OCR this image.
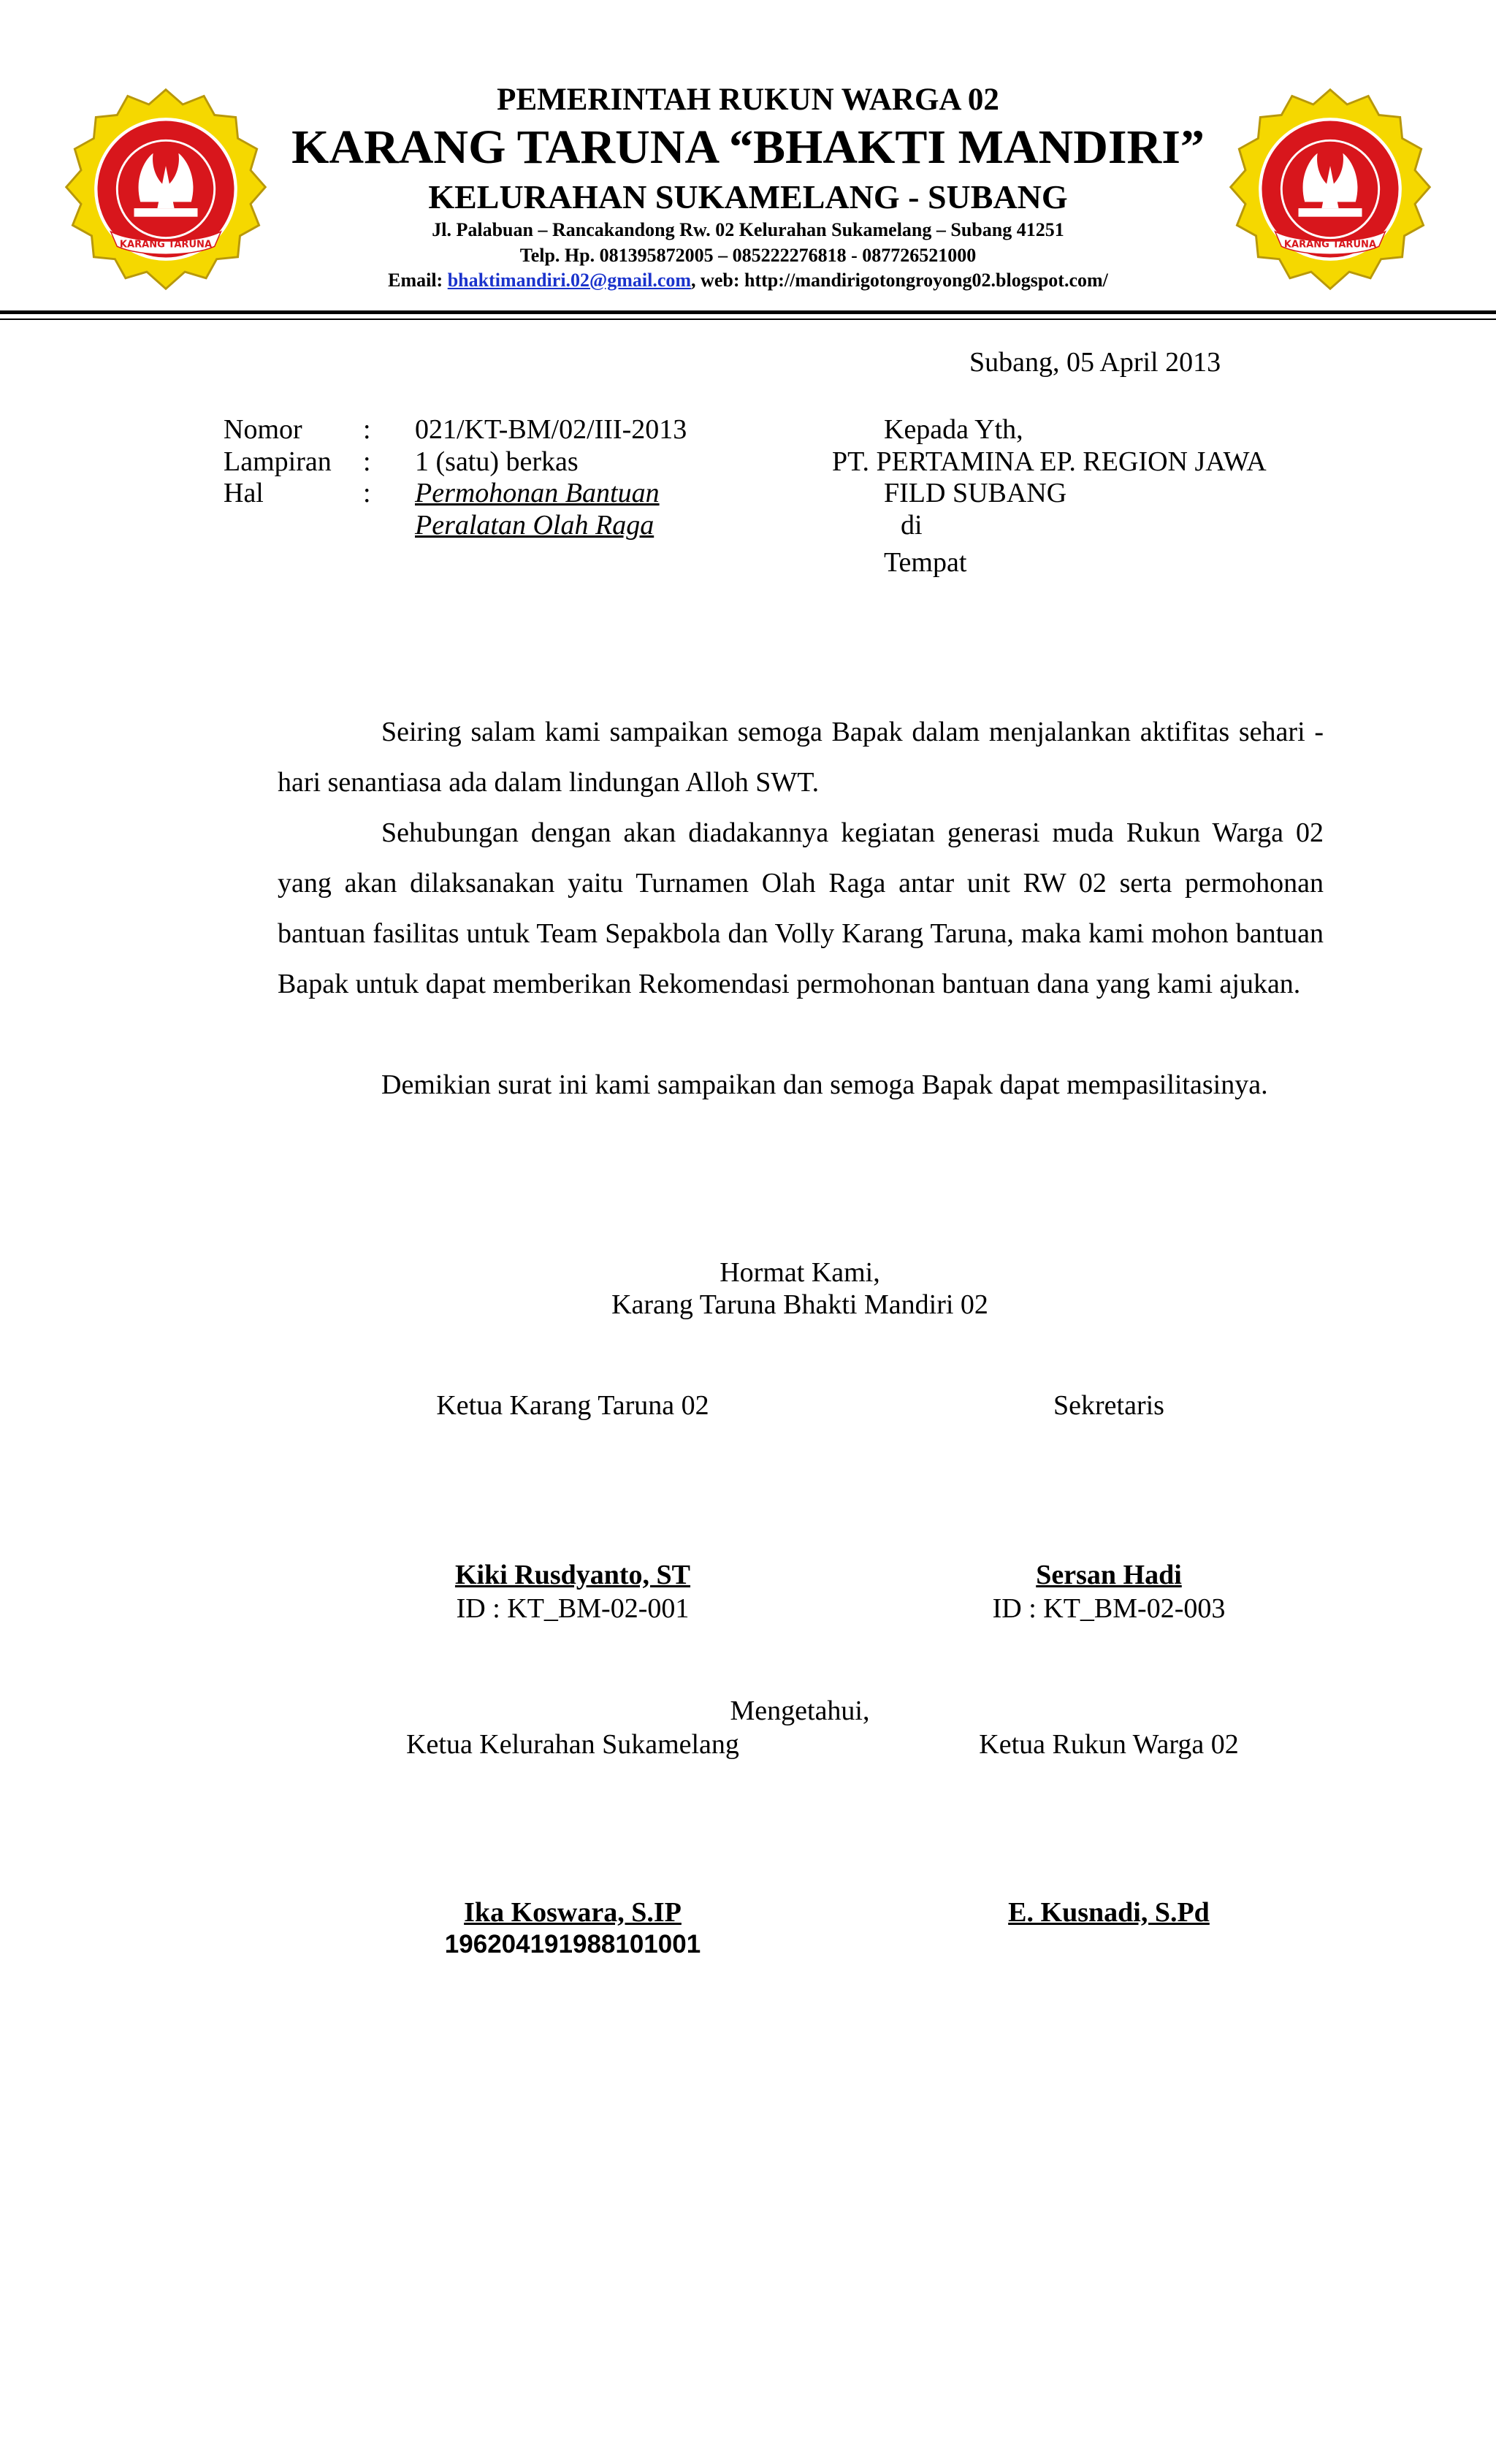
KARANG TARUNA	KARANG TARUNA
PEMERINTAH RUKUN WARGA 02
KARANG TARUNA “BHAKTI MANDIRI”
KELURAHAN SUKAMELANG - SUBANG
Jl. Palabuan – Rancakandong Rw. 02 Kelurahan Sukamelang – Subang 41251
Telp. Hp. 081395872005 – 085222276818 - 087726521000
Email: bhaktimandiri.02@gmail.com, web: http://mandirigotongroyong02.blogspot.com/
Subang, 05 April 2013
Nomor : 021/KT-BM/02/III-2013
Lampiran : 1 (satu) berkas
Hal	: Permohonan Bantuan
Peralatan Olah Raga
Kepada Yth,
PT. PERTAMINA EP. REGION JAWA
FILD SUBANG
di
Tempat

Seiring salam kami sampaikan semoga Bapak dalam menjalankan aktifitas sehari -hari senantiasa ada dalam lindungan Alloh SWT.

Sehubungan dengan akan diadakannya kegiatan generasi muda Rukun Warga 02 yang akan dilaksanakan yaitu Turnamen Olah Raga antar unit RW 02 serta permohonan bantuan fasilitas untuk Team Sepakbola dan Volly Karang Taruna, maka kami mohon bantuan Bapak untuk dapat memberikan Rekomendasi permohonan bantuan dana yang kami ajukan.

Demikian surat ini kami sampaikan dan semoga Bapak dapat mempasilitasinya.

Hormat Kami,
Karang Taruna Bhakti Mandiri 02
Ketua Karang Taruna 02
Kiki Rusdyanto, ST
ID : KT_BM-02-001
Sekretaris
Sersan Hadi
ID : KT_BM-02-003
Mengetahui,
Ketua Kelurahan Sukamelang
Ika Koswara, S.IP
196204191988101001
Ketua Rukun Warga 02
E. Kusnadi, S.Pd
